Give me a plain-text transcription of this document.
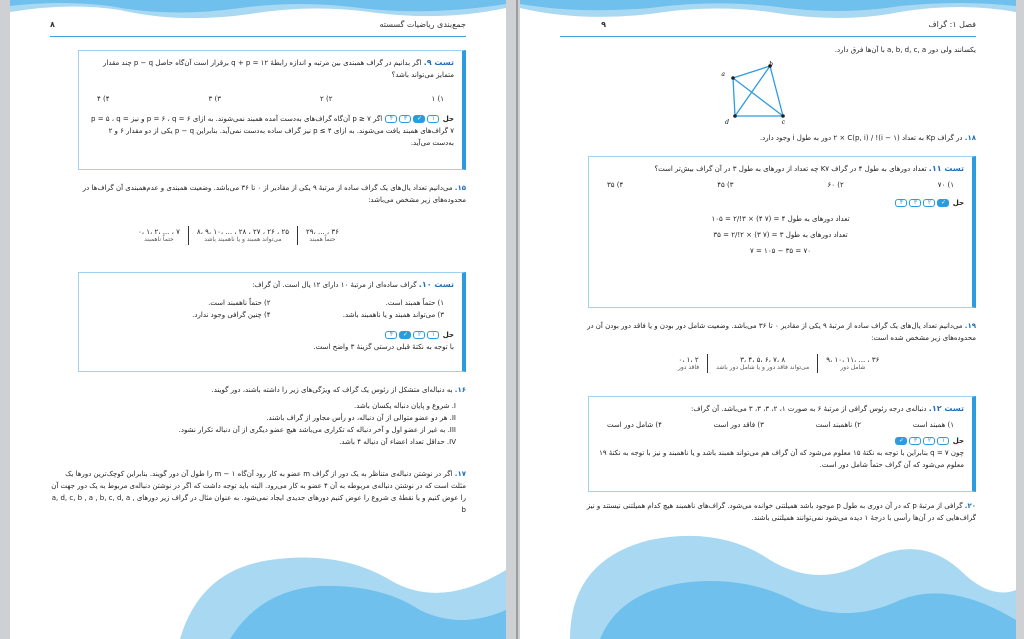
جمع‌بندی ریاضیات گسسته
۸
تست ۹. اگر بدانیم در گراف همبندی بین مرتبه و اندازه رابطهٔ q + p = ۱۲ برقرار است آن‌گاه حاصل p − q چند مقدار متمایز می‌تواند باشد؟
۱) ۱
۲) ۲
۳) ۳
۴) ۴
حل ١✓٣۴ اگر p ≥ ۷ آن‌گاه گراف‌های به‌دست آمده همبند نمی‌شوند. به ازای p = ۶ ، q = ۶ و نیز p = ۵ ، q = ۷ گراف‌های همبند یافت می‌شوند. به ازای p ≤ ۴ نیز گراف ساده به‌دست نمی‌آید. بنابراین p − q یکی از دو مقدار ۶ و ۲ به‌دست می‌آید.
۱۵. می‌دانیم تعداد یال‌های یک گراف ساده از مرتبهٔ ۹ یکی از مقادیر از ۰ تا ۳۶ می‌باشد. وضعیت همبندی و عدم‌همبندی آن گراف‌ها در محدوده‌های زیر مشخص می‌باشد:
۰، ۱، ۲، ... ، ۷
حتماً ناهمبند
۸، ۹، ۱۰، ... ، ۲۸ ، ۲۷ ، ۲۶ ، ۲۵
می‌تواند همبند و یا ناهمبند باشد
۲۹، ... ، ۳۶
حتماً همبند
تست ۱۰. گراف ساده‌ای از مرتبهٔ ۱۰ دارای ۱۲ یال است. آن گراف:
۱) حتماً همبند است.
۲) حتماً ناهمبند است.
۳) می‌تواند همبند و یا ناهمبند باشد.
۴) چنین گرافی وجود ندارد.
حل ١٢✓۴
با توجه به نکتهٔ قبلی درستی گزینهٔ ۳ واضح است.
۱۶. به دنباله‌ای متشکل از رئوس یک گراف که ویژگی‌های زیر را داشته باشند، دور گویند.
I. شروع و پایان دنباله یکسان باشد.
II. هر دو عضو متوالی از آن دنباله، دو رأس مجاور از گراف باشند.
III. به غیر از عضو اول و آخر دنباله که تکراری می‌باشد هیچ عضو دیگری از آن دنباله تکرار نشود.
IV. حداقل تعداد اعضاء آن دنباله ۴ باشد.
۱۷. اگر در نوشتن دنباله‌ی متناظر به یک دور از گراف m عضو به کار رود آن‌گاه m − ۱ را طول آن دور گویند. بنابراین کوچک‌ترین دورها یک مثلث است که در نوشتن دنباله‌ی مربوطه به آن ۴ عضو به کار می‌رود. البته باید توجه داشت که اگر در نوشتن دنباله‌ی مربوط به یک دور جهت آن را عوض کنیم و یا نقطهٔ ی شروع را عوض کنیم دورهای جدیدی ایجاد نمی‌شود. به عنوان مثال در گراف زیر دورهای a, d, c, b , a , b, c, d, a , b
فصل ۱: گراف
۹
یکسانند ولی دور a, b, d, c, a با آن‌ها فرق دارد.
a
b
c
d
۱۸. در گراف Kp به تعداد (i − ۱)! / ۲ × C(p, i) دور به طول i وجود دارد.
تست ۱۱. تعداد دورهای به طول ۴ در گراف K۷ چه تعداد از دورهای به طول ۳ در آن گراف بیش‌تر است؟
۱) ۷۰
۲) ۶۰
۳) ۴۵
۴) ۳۵
حل ✓٢٣۴
تعداد دورهای به طول ۴ = (۷ ۴) × ۳!/۲ = ۱۰۵
تعداد دورهای به طول ۳ = (۷ ۳) × ۲!/۲ = ۳۵
۷ = ۱۰۵ − ۳۵ = ۷۰
۱۹. می‌دانیم تعداد یال‌های یک گراف ساده از مرتبهٔ ۹ یکی از مقادیر ۰ تا ۳۶ می‌باشد. وضعیت شامل دور بودن و یا فاقد دور بودن آن در محدوده‌های زیر مشخص شده است:
۰، ۱، ۲
فاقد دور
۳، ۴، ۵، ۶، ۷، ۸
می‌تواند فاقد دور و یا شامل دور باشد
۹، ۱۰، ۱۱، ... ، ۳۶
شامل دور
تست ۱۲. دنباله‌ی درجه رئوس گرافی از مرتبهٔ ۶ به صورت ۱، ۲، ۳، ۳، ۳ می‌باشد. آن گراف:
۱) همبند است
۲) ناهمبند است
۳) فاقد دور است
۴) شامل دور است
حل ١٢٣✓
چون q = ۷ بنابراین با توجه به نکتهٔ ۱۵ معلوم می‌شود که آن گراف هم می‌تواند همبند باشد و یا ناهمبند و نیز با توجه به نکتهٔ ۱۹ معلوم می‌شود که آن گراف حتماً شامل دور است.
۲۰. گرافی از مرتبهٔ p که در آن دوری به طول p موجود باشد همیلتنی خوانده می‌شود. گراف‌های ناهمبند هیچ کدام همیلتنی نیستند و نیز گراف‌هایی که در آن‌ها رأسی با درجهٔ ۱ دیده می‌شود نمی‌توانند همیلتنی باشند.
